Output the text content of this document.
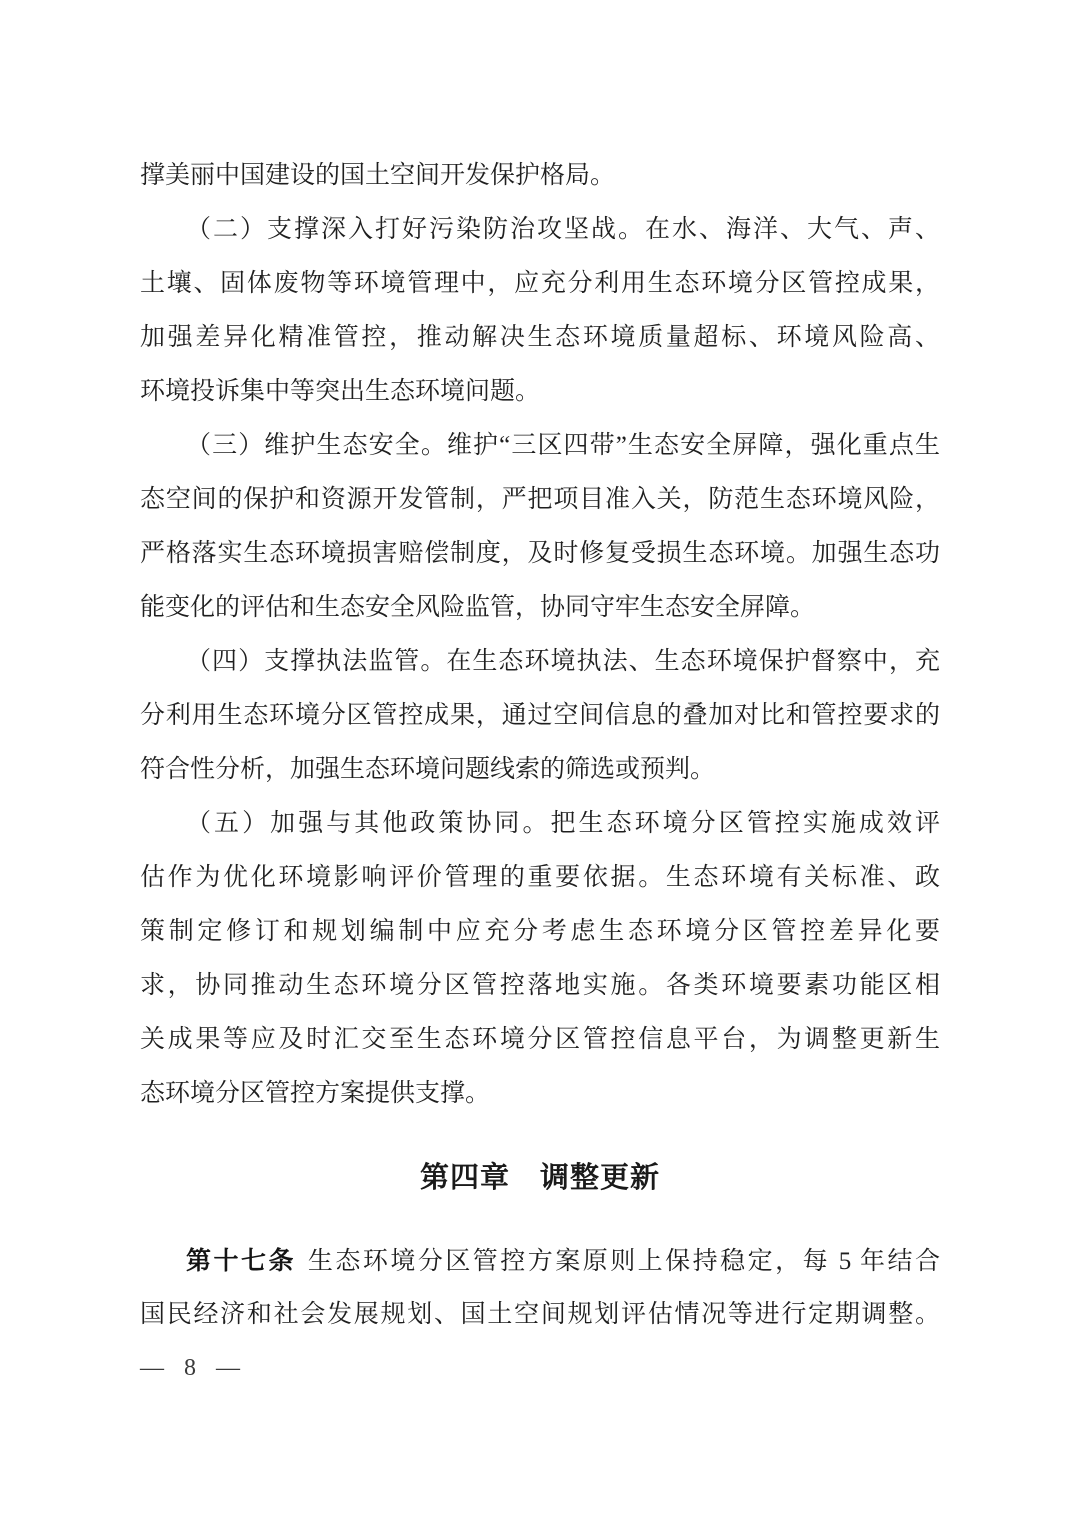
撑美丽中国建设的国土空间开发保护格局。
（二）支撑深入打好污染防治攻坚战。在水、海洋、大气、声、
土壤、固体废物等环境管理中，应充分利用生态环境分区管控成果，
加强差异化精准管控，推动解决生态环境质量超标、环境风险高、
环境投诉集中等突出生态环境问题。
（三）维护生态安全。维护“三区四带”生态安全屏障，强化重点生
态空间的保护和资源开发管制，严把项目准入关，防范生态环境风险，
严格落实生态环境损害赔偿制度，及时修复受损生态环境。加强生态功
能变化的评估和生态安全风险监管，协同守牢生态安全屏障。
（四）支撑执法监管。在生态环境执法、生态环境保护督察中，充
分利用生态环境分区管控成果，通过空间信息的叠加对比和管控要求的
符合性分析，加强生态环境问题线索的筛选或预判。
（五）加强与其他政策协同。把生态环境分区管控实施成效评
估作为优化环境影响评价管理的重要依据。生态环境有关标准、政
策制定修订和规划编制中应充分考虑生态环境分区管控差异化要
求，协同推动生态环境分区管控落地实施。各类环境要素功能区相
关成果等应及时汇交至生态环境分区管控信息平台，为调整更新生
态环境分区管控方案提供支撑。
第四章　调整更新
第十七条 生态环境分区管控方案原则上保持稳定，每 5 年结合
国民经济和社会发展规划、国土空间规划评估情况等进行定期调整。
— 8 —
